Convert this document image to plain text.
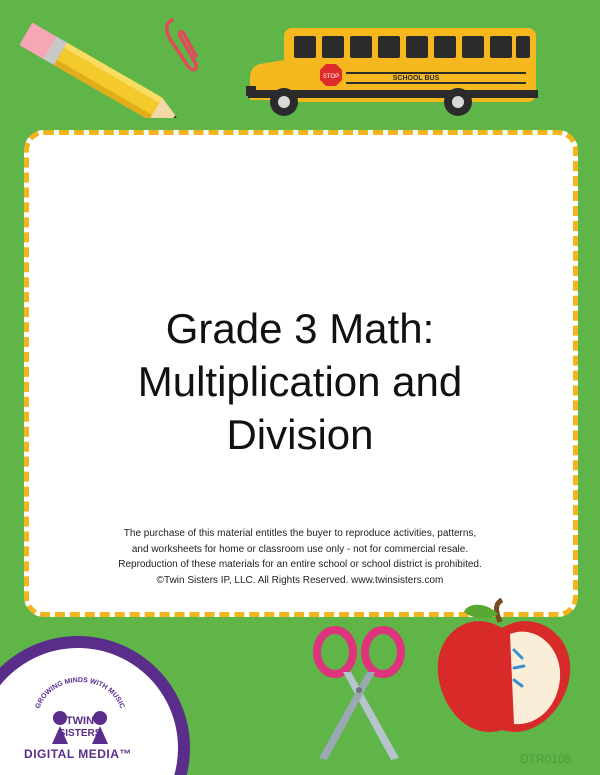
STOP	SCHOOL BUS
Grade 3 Math:
Multiplication and
Division
The purchase of this material entitles the buyer to reproduce activities, patterns,
and worksheets for home or classroom use only - not for commercial resale.
Reproduction of these materials for an entire school or school district is prohibited.
©Twin Sisters IP, LLC. All Rights Reserved. www.twinsisters.com
GROWING MINDS WITH MUSIC
TWIN
SISTERS
DIGITAL MEDIA™	DTR0106
